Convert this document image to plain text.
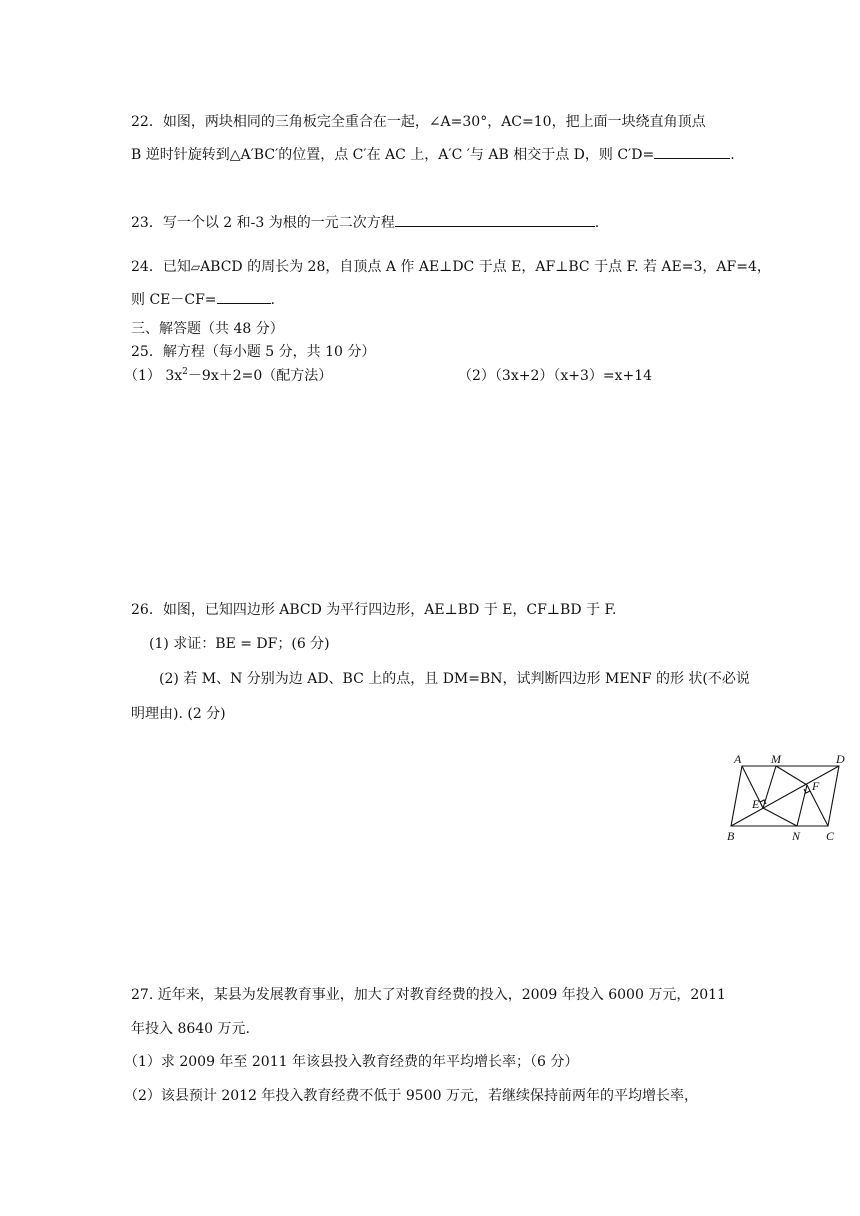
22．如图，两块相同的三角板完全重合在一起，∠A=30°，AC=10，把上面一块绕直角顶点
B 逆时针旋转到△A′BC′的位置，点 C′在 AC 上，A′C ′与 AB 相交于点 D，则 C′D=	.
23．写一个以 2 和-3 为根的一元二次方程	.
24．已知▱ABCD 的周长为 28，自顶点 A 作 AE⊥DC 于点 E，AF⊥BC 于点 F. 若 AE=3，AF=4，
则 CE－CF=	.
三、解答题（共 48 分）
25．解方程（每小题 5 分，共 10 分）
（1） $3x^2-9x+2=0$（配方法）	（2）（3x+2）（x+3）=x+14
26．如图，已知四边形 ABCD 为平行四边形，AE⊥BD 于 E，CF⊥BD 于 F.
(1) 求证：BE = DF；(6 分)
(2) 若 M、N 分别为边 AD、BC 上的点，且 DM=BN，试判断四边形 MENF 的形 状(不必说
明理由). (2 分)
A M	D
E
F
B	N C
27. 近年来，某县为发展教育事业，加大了对教育经费的投入，2009 年投入 6000 万元，2011
年投入 8640 万元.
（1）求 2009 年至 2011 年该县投入教育经费的年平均增长率；（6 分）
（2）该县预计 2012 年投入教育经费不低于 9500 万元，若继续保持前两年的平均增长率，
